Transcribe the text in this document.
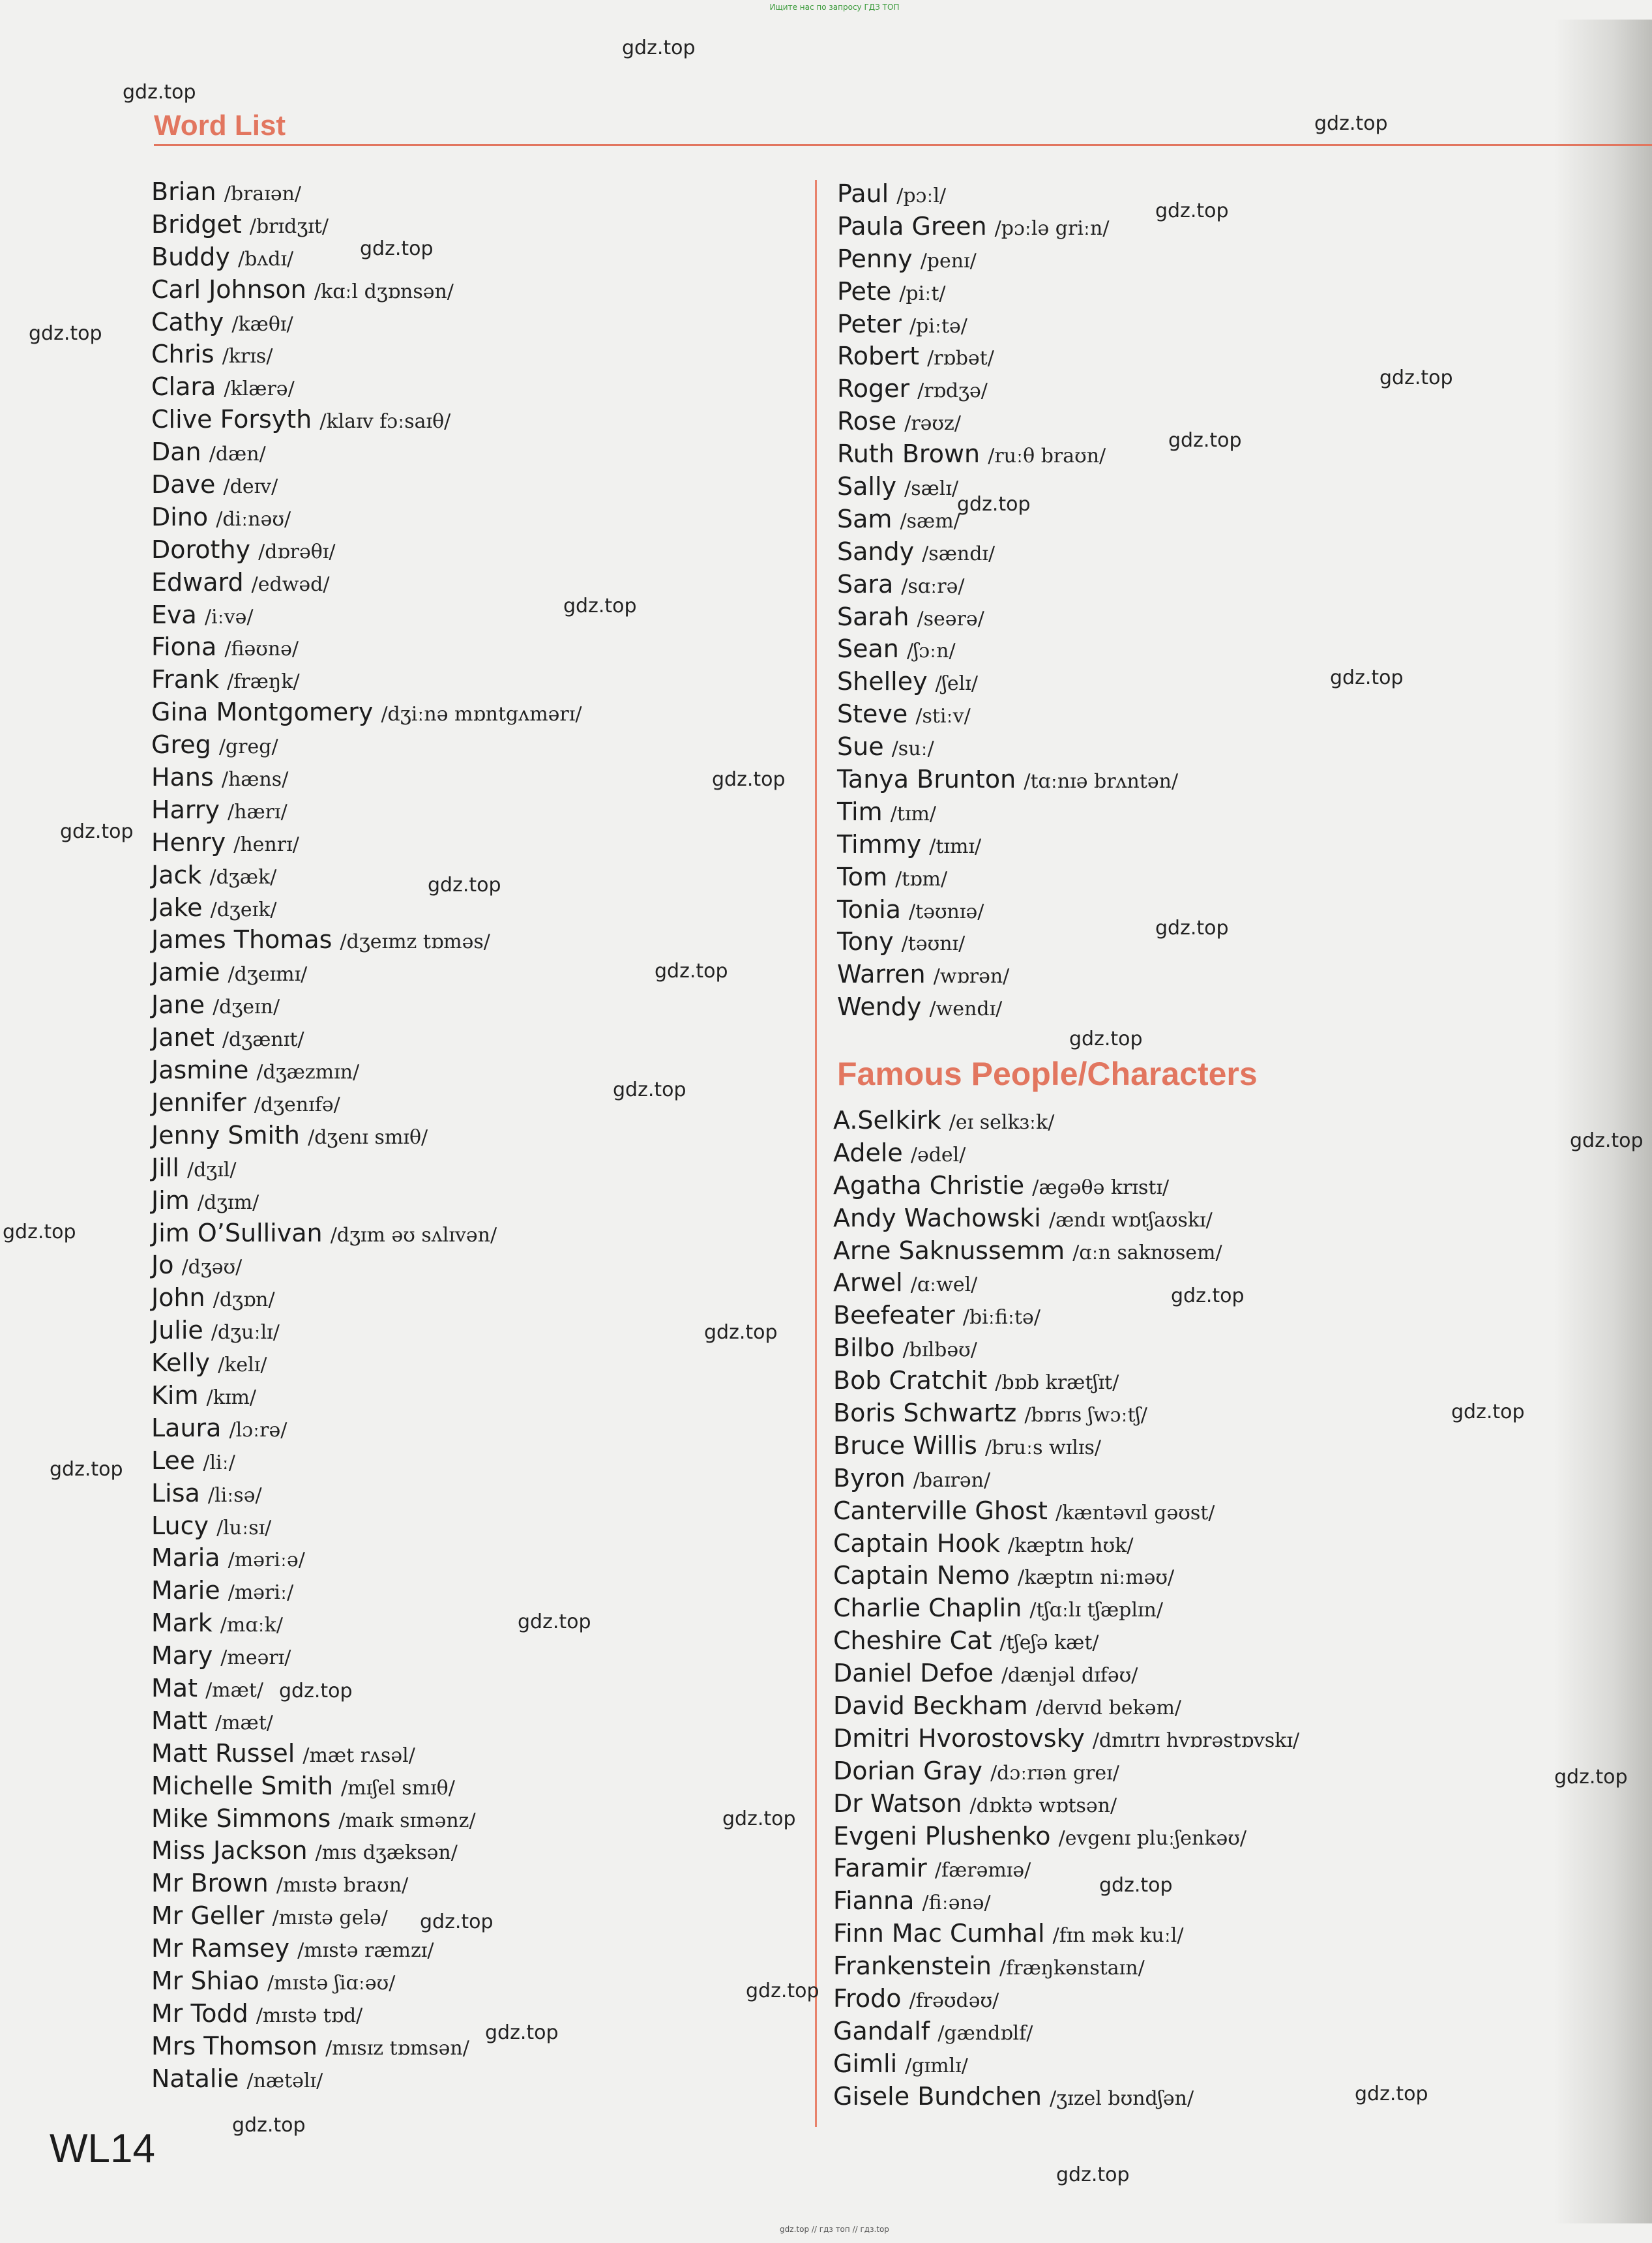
Ищите нас по запросу ГДЗ ТОП
Word List
Brian /braɪən/
Bridget /brɪdʒɪt/
Buddy /bʌdɪ/
Carl Johnson /kɑːl dʒɒnsən/
Cathy /kæθɪ/
Chris /krɪs/
Clara /klærə/
Clive Forsyth /klaɪv fɔːsaɪθ/
Dan /dæn/
Dave /deɪv/
Dino /diːnəʊ/
Dorothy /dɒrəθɪ/
Edward /edwəd/
Eva /iːvə/
Fiona /fiəʊnə/
Frank /fræŋk/
Gina Montgomery /dʒiːnə mɒntgʌmərɪ/
Greg /greg/
Hans /hæns/
Harry /hærɪ/
Henry /henrɪ/
Jack /dʒæk/
Jake /dʒeɪk/
James Thomas /dʒeɪmz tɒməs/
Jamie /dʒeɪmɪ/
Jane /dʒeɪn/
Janet /dʒænɪt/
Jasmine /dʒæzmɪn/
Jennifer /dʒenɪfə/
Jenny Smith /dʒenɪ smɪθ/
Jill /dʒɪl/
Jim /dʒɪm/
Jim O’Sullivan /dʒɪm əʊ sʌlɪvən/
Jo /dʒəʊ/
John /dʒɒn/
Julie /dʒuːlɪ/
Kelly /kelɪ/
Kim /kɪm/
Laura /lɔːrə/
Lee /liː/
Lisa /liːsə/
Lucy /luːsɪ/
Maria /məriːə/
Marie /məriː/
Mark /mɑːk/
Mary /meərɪ/
Mat /mæt/
Matt /mæt/
Matt Russel /mæt rʌsəl/
Michelle Smith /mɪʃel smɪθ/
Mike Simmons /maɪk sɪmənz/
Miss Jackson /mɪs dʒæksən/
Mr Brown /mɪstə braʊn/
Mr Geller /mɪstə gelə/
Mr Ramsey /mɪstə ræmzɪ/
Mr Shiao /mɪstə ʃiɑːəʊ/
Mr Todd /mɪstə tɒd/
Mrs Thomson /mɪsɪz tɒmsən/
Natalie /nætəlɪ/
Paul /pɔːl/
Paula Green /pɔːlə griːn/
Penny /penɪ/
Pete /piːt/
Peter /piːtə/
Robert /rɒbət/
Roger /rɒdʒə/
Rose /rəʊz/
Ruth Brown /ruːθ braʊn/
Sally /sælɪ/
Sam /sæm/
Sandy /sændɪ/
Sara /sɑːrə/
Sarah /seərə/
Sean /ʃɔːn/
Shelley /ʃelɪ/
Steve /stiːv/
Sue /suː/
Tanya Brunton /tɑːnɪə brʌntən/
Tim /tɪm/
Timmy /tɪmɪ/
Tom /tɒm/
Tonia /təʊnɪə/
Tony /təʊnɪ/
Warren /wɒrən/
Wendy /wendɪ/
Famous People/Characters
A.Selkirk /eɪ selkɜːk/
Adele /ədel/
Agatha Christie /ægəθə krɪstɪ/
Andy Wachowski /ændɪ wɒtʃaʊskɪ/
Arne Saknussemm /ɑːn saknʊsem/
Arwel /ɑːwel/
Beefeater /biːfiːtə/
Bilbo /bɪlbəʊ/
Bob Cratchit /bɒb krætʃɪt/
Boris Schwartz /bɒrɪs ʃwɔːtʃ/
Bruce Willis /bruːs wɪlɪs/
Byron /baɪrən/
Canterville Ghost /kæntəvɪl gəʊst/
Captain Hook /kæptɪn hʊk/
Captain Nemo /kæptɪn niːməʊ/
Charlie Chaplin /tʃɑːlɪ tʃæplɪn/
Cheshire Cat /tʃeʃə kæt/
Daniel Defoe /dænjəl dɪfəʊ/
David Beckham /deɪvɪd bekəm/
Dmitri Hvorostovsky /dmɪtrɪ hvɒrəstɒvskɪ/
Dorian Gray /dɔːrɪən greɪ/
Dr Watson /dɒktə wɒtsən/
Evgeni Plushenko /evgenɪ pluːʃenkəʊ/
Faramir /færəmɪə/
Fianna /fiːənə/
Finn Mac Cumhal /fɪn mək kuːl/
Frankenstein /fræŋkənstaɪn/
Frodo /frəʊdəʊ/
Gandalf /gændɒlf/
Gimli /gɪmlɪ/
Gisele Bundchen /ʒɪzel bʊndʃən/
WL14
gdz.top // гдз топ // гдз.top
gdz.top
gdz.top
gdz.top
gdz.top
gdz.top
gdz.top
gdz.top
gdz.top
gdz.top
gdz.top
gdz.top
gdz.top
gdz.top
gdz.top
gdz.top
gdz.top
gdz.top
gdz.top
gdz.top
gdz.top
gdz.top
gdz.top
gdz.top
gdz.top
gdz.top
gdz.top
gdz.top
gdz.top
gdz.top
gdz.top
gdz.top
gdz.top
gdz.top
gdz.top
gdz.top
